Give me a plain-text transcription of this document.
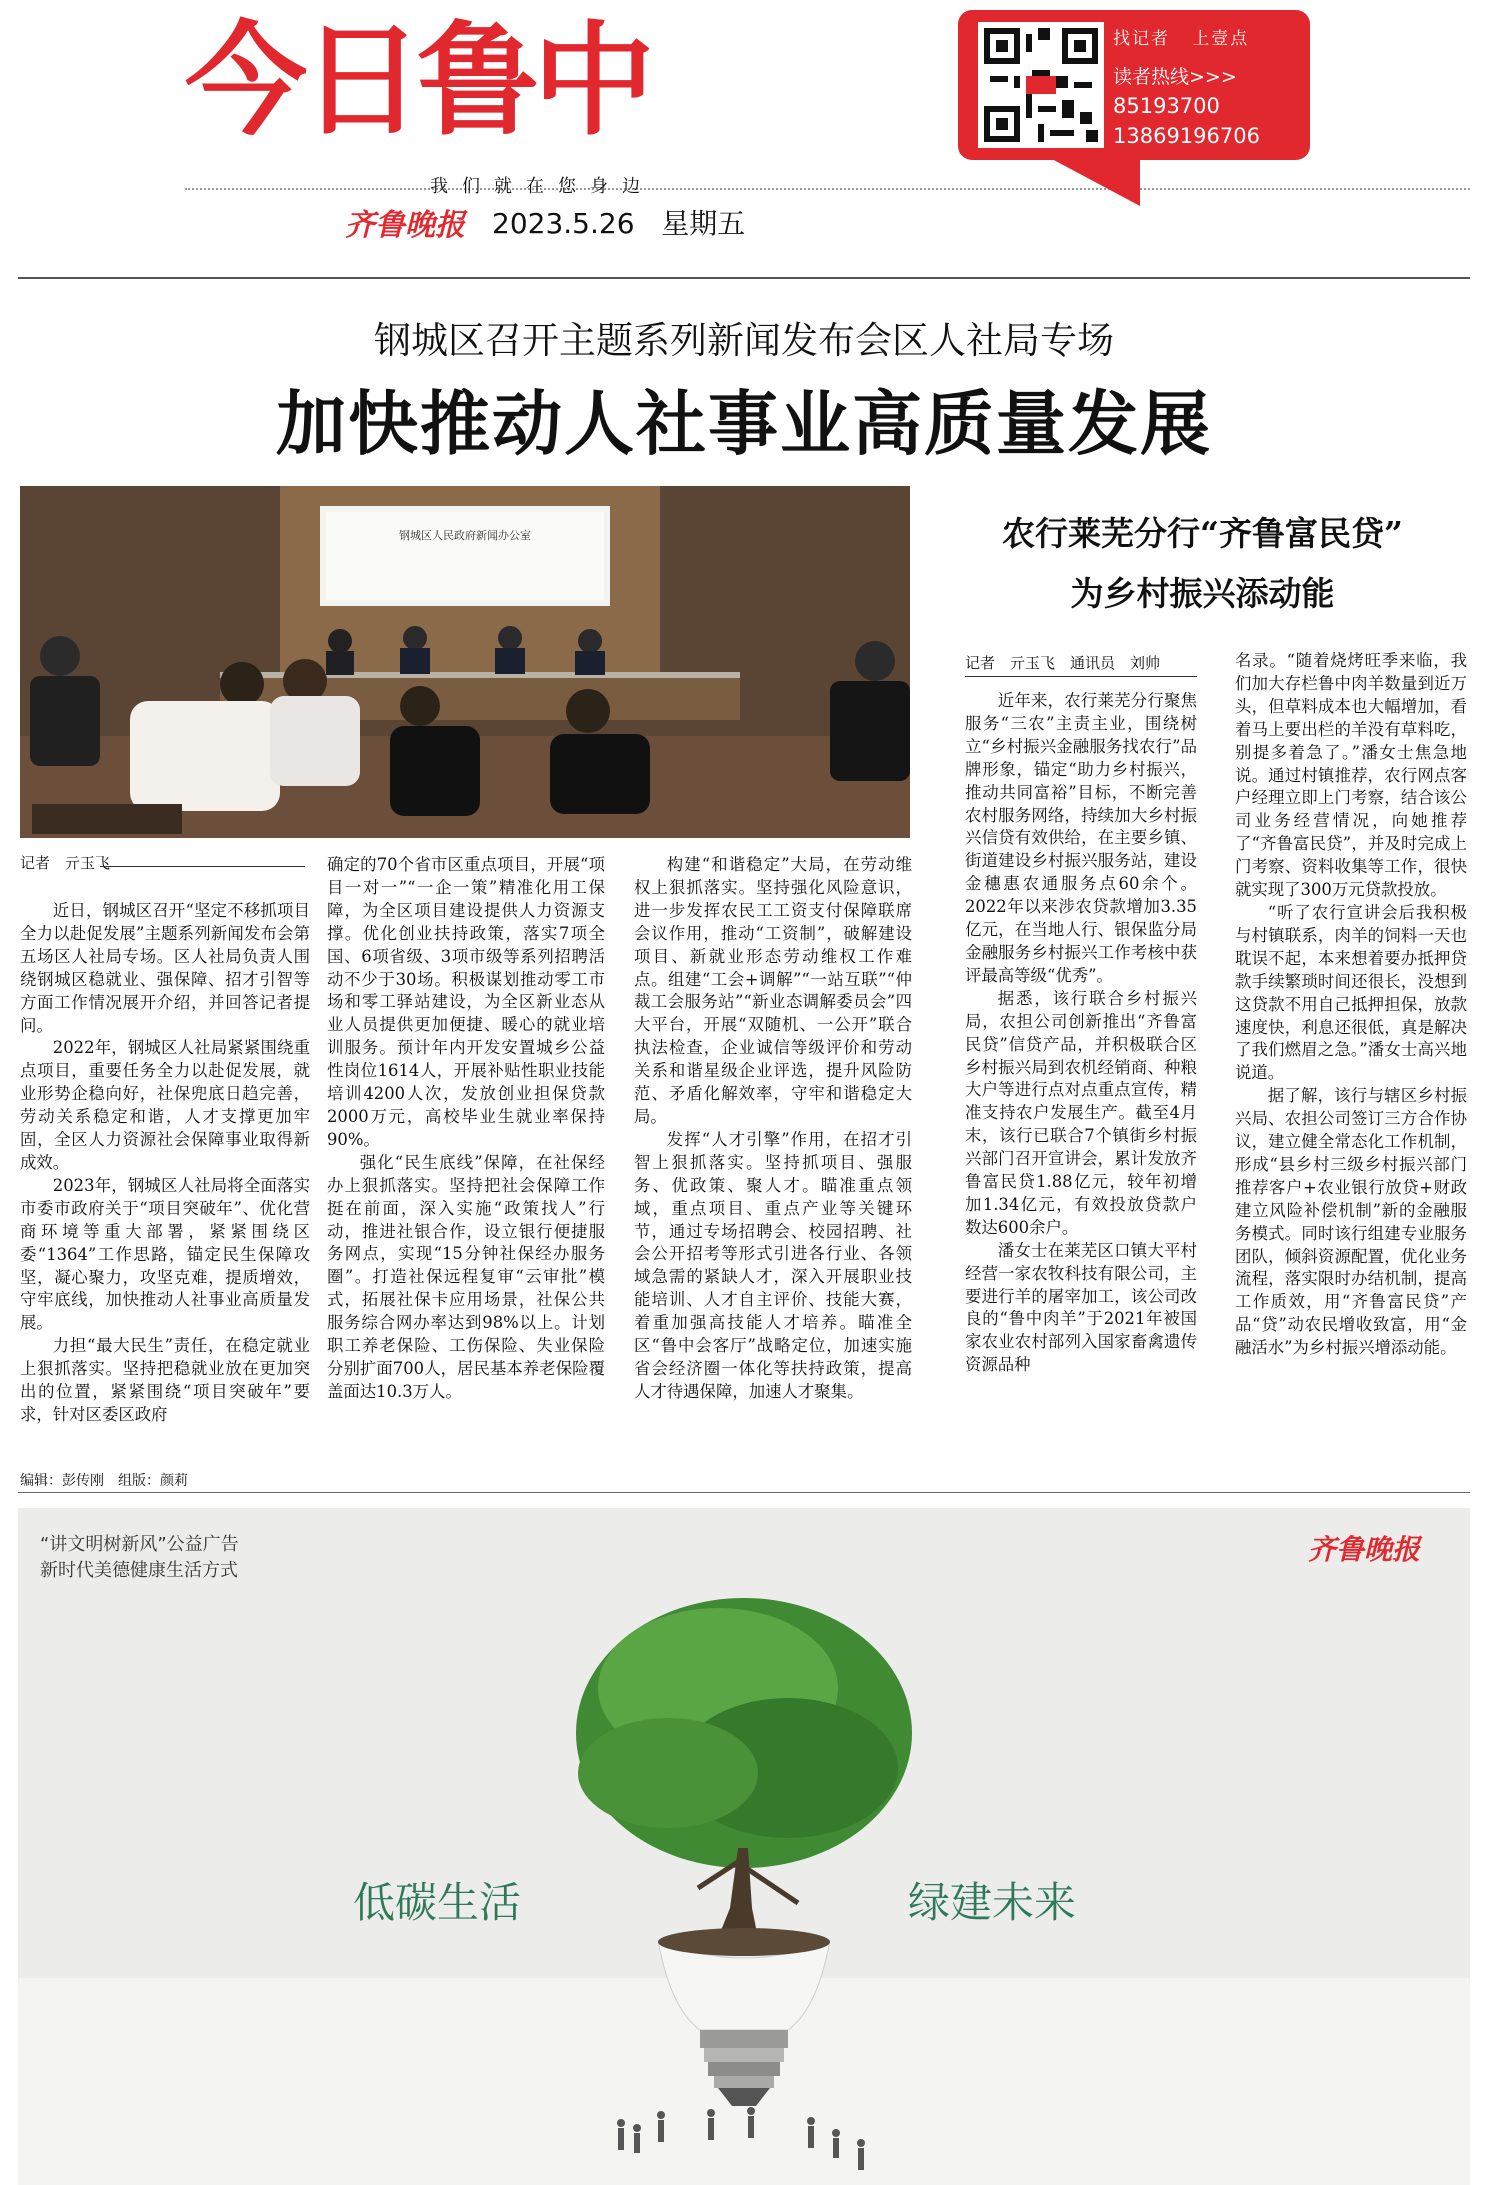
今日鲁中
我们就在您身边
齐鲁晚报 2023.5.26 星期五
找记者 上壹点
读者热线>>>
85193700
13869196706
钢城区召开主题系列新闻发布会区人社局专场
加快推动人社事业高质量发展
钢城区人民政府新闻办公室
记者　亓玉飞

近日，钢城区召开“坚定不移抓项目　全力以赴促发展”主题系列新闻发布会第五场区人社局专场。区人社局负责人围绕钢城区稳就业、强保障、招才引智等方面工作情况展开介绍，并回答记者提问。

2022年，钢城区人社局紧紧围绕重点项目，重要任务全力以赴促发展，就业形势企稳向好，社保兜底日趋完善，劳动关系稳定和谐，人才支撑更加牢固，全区人力资源社会保障事业取得新成效。

2023年，钢城区人社局将全面落实市委市政府关于“项目突破年”、优化营商环境等重大部署，紧紧围绕区委“1364”工作思路，锚定民生保障攻坚，凝心聚力，攻坚克难，提质增效，守牢底线，加快推动人社事业高质量发展。

力担“最大民生”责任，在稳定就业上狠抓落实。坚持把稳就业放在更加突出的位置，紧紧围绕“项目突破年”要求，针对区委区政府

确定的70个省市区重点项目，开展“项目一对一”“一企一策”精准化用工保障，为全区项目建设提供人力资源支撑。优化创业扶持政策，落实7项全国、6项省级、3项市级等系列招聘活动不少于30场。积极谋划推动零工市场和零工驿站建设，为全区新业态从业人员提供更加便捷、暖心的就业培训服务。预计年内开发安置城乡公益性岗位1614人，开展补贴性职业技能培训4200人次，发放创业担保贷款2000万元，高校毕业生就业率保持90%。

强化“民生底线”保障，在社保经办上狠抓落实。坚持把社会保障工作挺在前面，深入实施“政策找人”行动，推进社银合作，设立银行便捷服务网点，实现“15分钟社保经办服务圈”。打造社保远程复审“云审批”模式，拓展社保卡应用场景，社保公共服务综合网办率达到98%以上。计划职工养老保险、工伤保险、失业保险分别扩面700人，居民基本养老保险覆盖面达10.3万人。

构建“和谐稳定”大局，在劳动维权上狠抓落实。坚持强化风险意识，进一步发挥农民工工资支付保障联席会议作用，推动“工资制”，破解建设项目、新就业形态劳动维权工作难点。组建“工会+调解”“一站互联”“仲裁工会服务站”“新业态调解委员会”四大平台，开展“双随机、一公开”联合执法检查，企业诚信等级评价和劳动关系和谐星级企业评选，提升风险防范、矛盾化解效率，守牢和谐稳定大局。

发挥“人才引擎”作用，在招才引智上狠抓落实。坚持抓项目、强服务、优政策、聚人才。瞄准重点领域，重点项目、重点产业等关键环节，通过专场招聘会、校园招聘、社会公开招考等形式引进各行业、各领域急需的紧缺人才，深入开展职业技能培训、人才自主评价、技能大赛，着重加强高技能人才培养。瞄准全区“鲁中会客厅”战略定位，加速实施省会经济圈一体化等扶持政策，提高人才待遇保障，加速人才聚集。

农行莱芜分行“齐鲁富民贷”
为乡村振兴添动能
记者　亓玉飞　通讯员　刘帅

近年来，农行莱芜分行聚焦服务“三农”主责主业，围绕树立“乡村振兴金融服务找农行”品牌形象，锚定“助力乡村振兴，推动共同富裕”目标，不断完善农村服务网络，持续加大乡村振兴信贷有效供给，在主要乡镇、街道建设乡村振兴服务站，建设金穗惠农通服务点60余个。2022年以来涉农贷款增加3.35亿元，在当地人行、银保监分局金融服务乡村振兴工作考核中获评最高等级“优秀”。

据悉，该行联合乡村振兴局，农担公司创新推出“齐鲁富民贷”信贷产品，并积极联合区乡村振兴局到农机经销商、种粮大户等进行点对点重点宣传，精准支持农户发展生产。截至4月末，该行已联合7个镇街乡村振兴部门召开宣讲会，累计发放齐鲁富民贷1.88亿元，较年初增加1.34亿元，有效投放贷款户数达600余户。

潘女士在莱芜区口镇大平村经营一家农牧科技有限公司，主要进行羊的屠宰加工，该公司改良的“鲁中肉羊”于2021年被国家农业农村部列入国家畜禽遗传资源品种

名录。“随着烧烤旺季来临，我们加大存栏鲁中肉羊数量到近万头，但草料成本也大幅增加，看着马上要出栏的羊没有草料吃，别提多着急了。”潘女士焦急地说。通过村镇推荐，农行网点客户经理立即上门考察，结合该公司业务经营情况，向她推荐了“齐鲁富民贷”，并及时完成上门考察、资料收集等工作，很快就实现了300万元贷款投放。

“听了农行宣讲会后我积极与村镇联系，肉羊的饲料一天也耽误不起，本来想着要办抵押贷款手续繁琐时间还很长，没想到这贷款不用自己抵押担保，放款速度快，利息还很低，真是解决了我们燃眉之急。”潘女士高兴地说道。

据了解，该行与辖区乡村振兴局、农担公司签订三方合作协议，建立健全常态化工作机制，形成“县乡村三级乡村振兴部门推荐客户+农业银行放贷+财政建立风险补偿机制”新的金融服务模式。同时该行组建专业服务团队，倾斜资源配置，优化业务流程，落实限时办结机制，提高工作质效，用“齐鲁富民贷”产品“贷”动农民增收致富，用“金融活水”为乡村振兴增添动能。

编辑：彭传刚　组版：颜莉
“讲文明树新风”公益广告
新时代美德健康生活方式
齐鲁晚报
低碳生活	绿建未来
